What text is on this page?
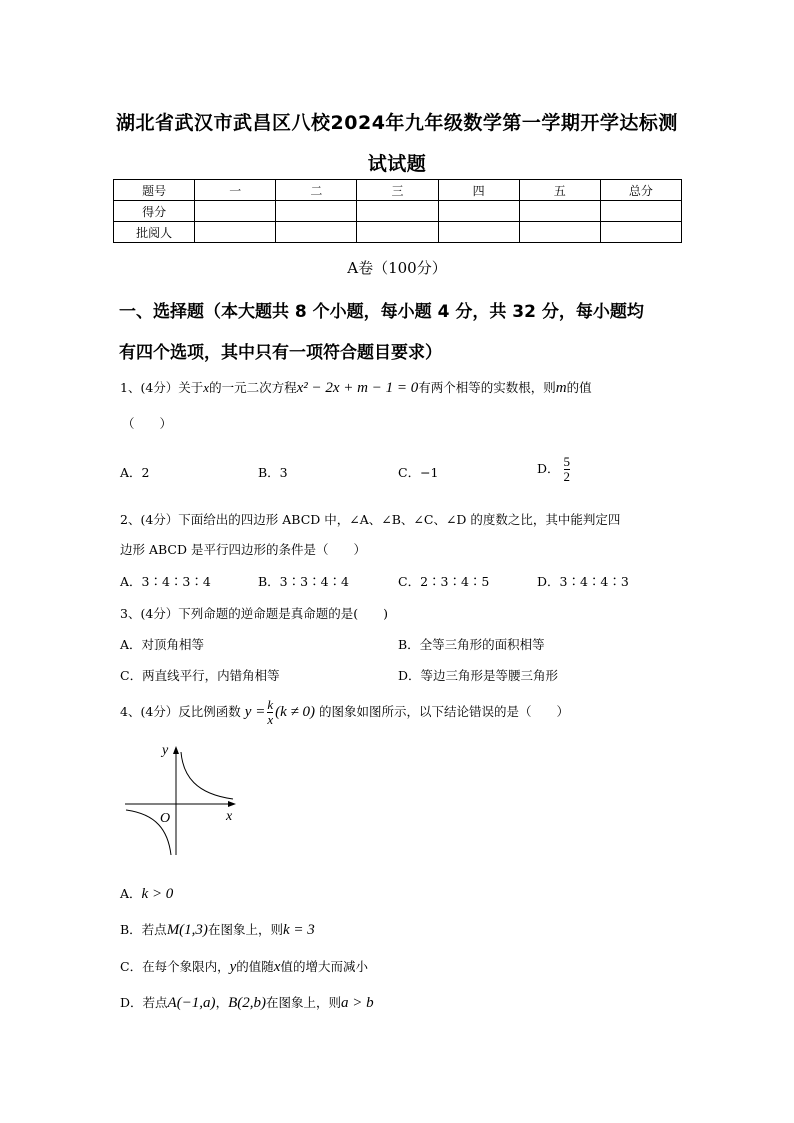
湖北省武汉市武昌区八校2024年九年级数学第一学期开学达标测
试试题
题号	一	二	三	四	五	总分
得分						
批阅人						
A卷（100分）
一、选择题（本大题共 8 个小题，每小题 4 分，共 32 分，每小题均
有四个选项，其中只有一项符合题目要求）
1、(4分）关于x的一元二次方程x² − 2x + m − 1 = 0有两个相等的实数根，则m的值
（　　）
A．2	B．3	C．−1	D． $\frac{5}{2}$
2、(4分）下面给出的四边形 ABCD 中，∠A、∠B、∠C、∠D 的度数之比，其中能判定四
边形 ABCD 是平行四边形的条件是（　　）
A．3∶4∶3∶4	B．3∶3∶4∶4	C．2∶3∶4∶5	D．3∶4∶4∶3
3、(4分）下列命题的逆命题是真命题的是(　　)
A．对顶角相等	B．全等三角形的面积相等
C．两直线平行，内错角相等	D．等边三角形是等腰三角形
4、(4分）反比例函数 $y = \frac{k}{x} (k \ne 0)$ 的图象如图所示，以下结论错误的是（　　）
y
x
O
A．k > 0
B．若点M(1,3)在图象上，则k = 3
C．在每个象限内，y的值随x值的增大而减小
D．若点A(−1,a)，B(2,b)在图象上，则a > b
